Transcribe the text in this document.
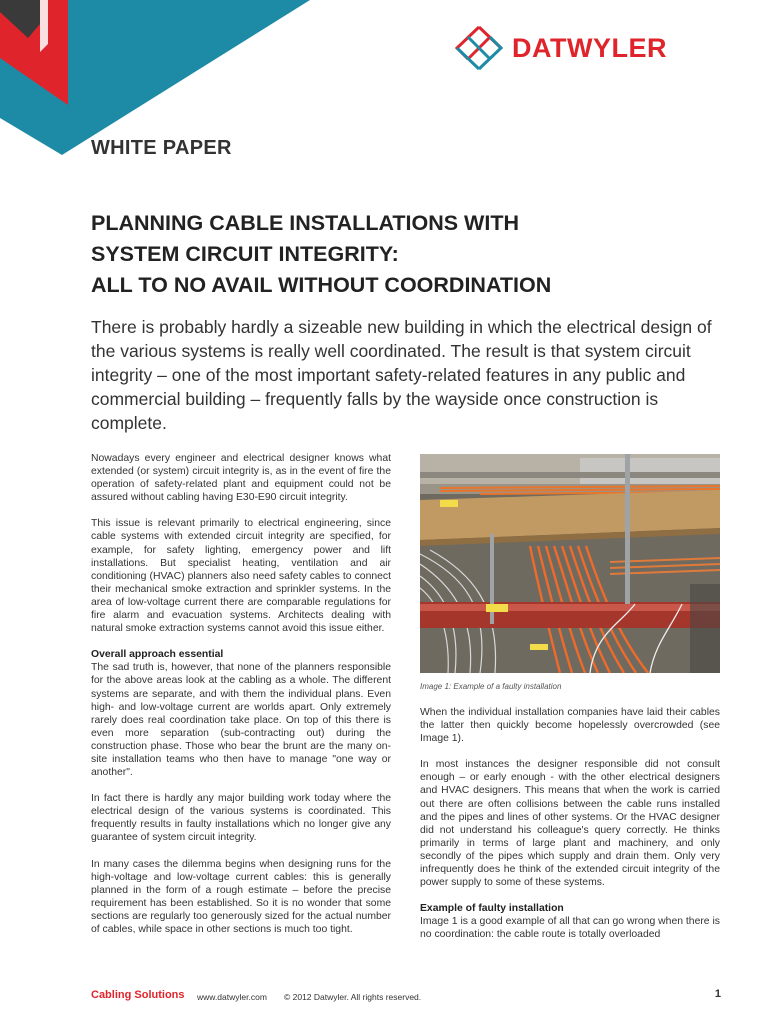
DATWYLER
WHITE PAPER
PLANNING CABLE INSTALLATIONS WITH
SYSTEM CIRCUIT INTEGRITY:
ALL TO NO AVAIL WITHOUT COORDINATION
There is probably hardly a sizeable new building in which the electrical design of the various systems is really well coordinated. The result is that system circuit integrity – one of the most important safety-related features in any public and commercial building – frequently falls by the wayside once construction is complete.

Nowadays every engineer and electrical designer knows what extended (or system) circuit integrity is, as in the event of fire the operation of safety-related plant and equipment could not be assured without cabling having E30-E90 circuit integrity.

This issue is relevant primarily to electrical engineering, since cable systems with extended circuit integrity are specified, for example, for safety lighting, emergency power and lift installations. But specialist heating, ventilation and air conditioning (HVAC) planners also need safety cables to connect their mechanical smoke extraction and sprinkler systems. In the area of low-voltage current there are comparable regulations for fire alarm and evacuation systems. Architects dealing with natural smoke extraction systems cannot avoid this issue either.

Overall approach essential

The sad truth is, however, that none of the planners responsible for the above areas look at the cabling as a whole. The different systems are separate, and with them the individual plans. Even high- and low-voltage current are worlds apart. Only extremely rarely does real coordination take place. On top of this there is even more separation (sub-contracting out) during the construction phase. Those who bear the brunt are the many on-site installation teams who then have to manage "one way or another".

In fact there is hardly any major building work today where the electrical design of the various systems is coordinated. This frequently results in faulty installations which no longer give any guarantee of system circuit integrity.

In many cases the dilemma begins when designing runs for the high-voltage and low-voltage current cables: this is generally planned in the form of a rough estimate – before the precise requirement has been established. So it is no wonder that some sections are regularly too generously sized for the actual number of cables, while space in other sections is much too tight.

Image 1: Example of a faulty installation

When the individual installation companies have laid their cables the latter then quickly become hopelessly overcrowded (see Image 1).

In most instances the designer responsible did not consult enough – or early enough - with the other electrical designers and HVAC designers. This means that when the work is carried out there are often collisions between the cable runs installed and the pipes and lines of other systems. Or the HVAC designer did not understand his colleague's query correctly. He thinks primarily in terms of large plant and machinery, and only secondly of the pipes which supply and drain them. Only very infrequently does he think of the extended circuit integrity of the power supply to some of these systems.

Example of faulty installation

Image 1 is a good example of all that can go wrong when there is no coordination: the cable route is totally overloaded

Cabling Solutions www.datwyler.com © 2012 Datwyler. All rights reserved.	1
